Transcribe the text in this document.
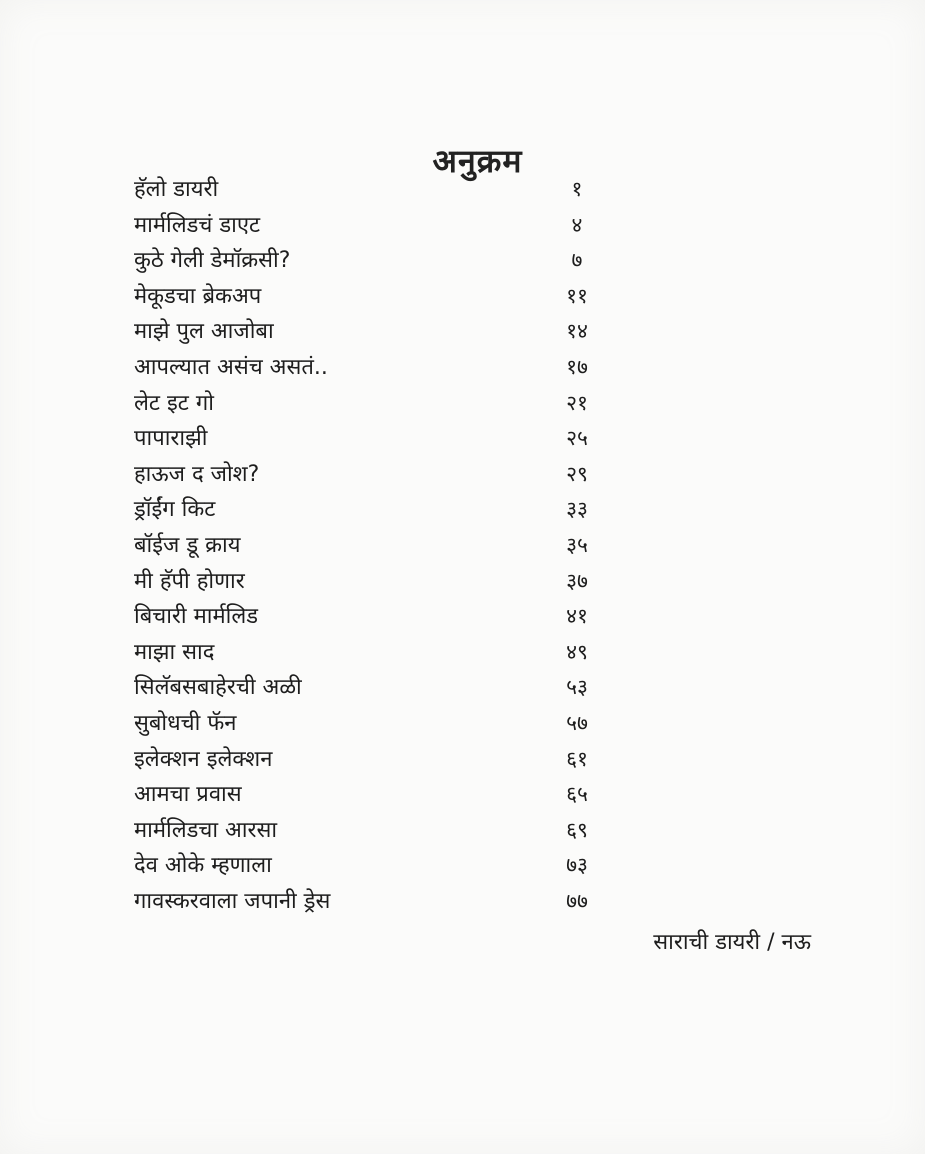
अनुक्रम
हॅलो डायरी	१
मार्मलिडचं डाएट	४
कुठे गेली डेमॉक्रसी?	७
मेकूडचा ब्रेकअप	११
माझे पुल आजोबा	१४
आपल्यात असंच असतं..	१७
लेट इट गो	२१
पापाराझी	२५
हाऊज द जोश?	२९
ड्रॉईंग किट	३३
बॉईज डू क्राय	३५
मी हॅपी होणार	३७
बिचारी मार्मलिड	४१
माझा साद	४९
सिलॅबसबाहेरची अळी	५३
सुबोधची फॅन	५७
इलेक्शन इलेक्शन	६१
आमचा प्रवास	६५
मार्मलिडचा आरसा	६९
देव ओके म्हणाला	७३
गावस्करवाला जपानी ड्रेस	७७
साराची डायरी / नऊ
